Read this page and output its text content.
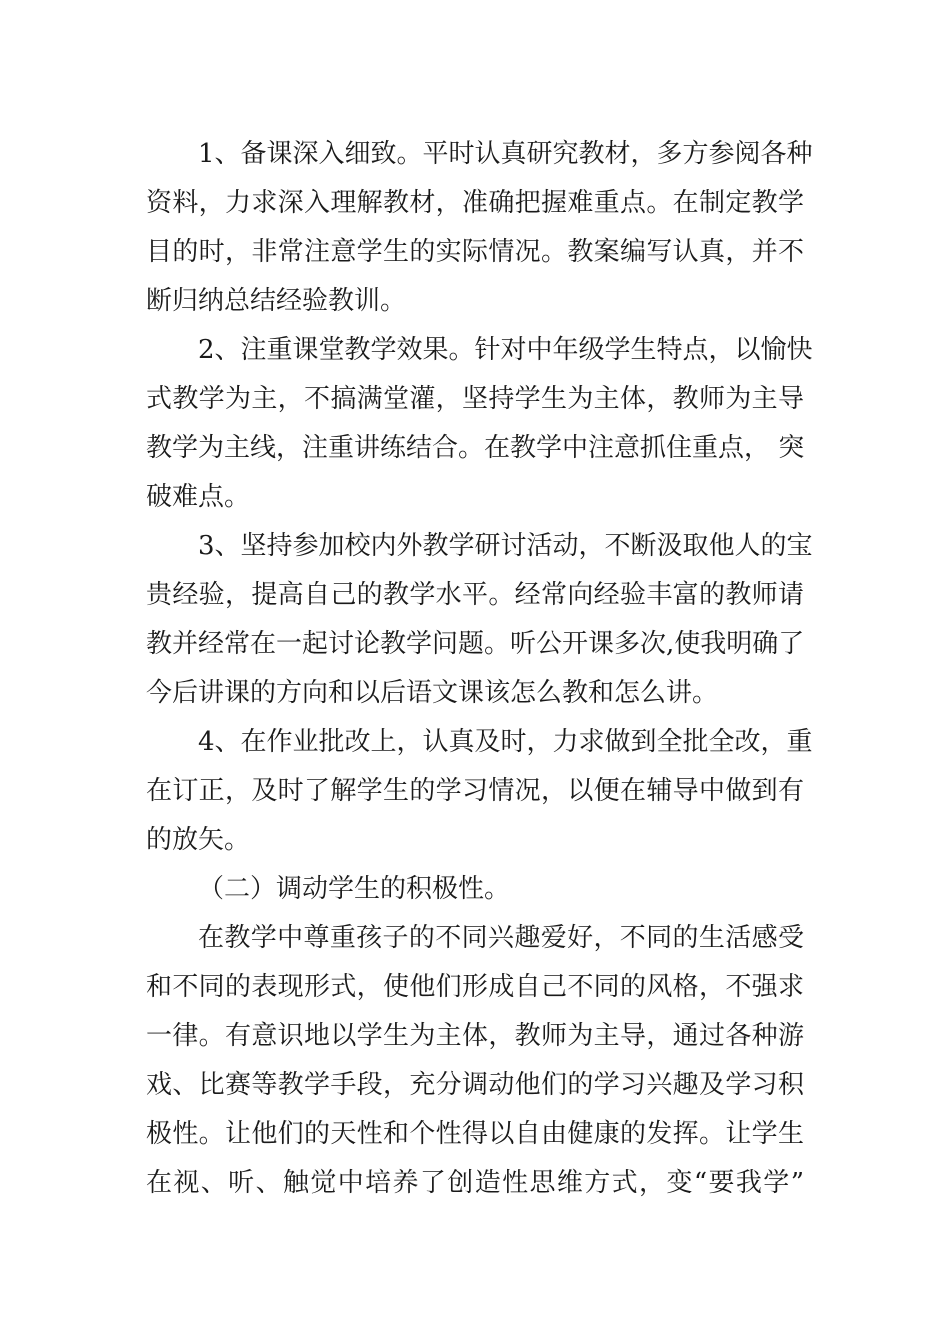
1、备课深入细致。平时认真研究教材，多方参阅各种
资料，力求深入理解教材，准确把握难重点。在制定教学
目的时，非常注意学生的实际情况。教案编写认真，并不
断归纳总结经验教训。
2、注重课堂教学效果。针对中年级学生特点，以愉快
式教学为主，不搞满堂灌，坚持学生为主体，教师为主导
教学为主线，注重讲练结合。在教学中注意抓住重点， 突
破难点。
3、坚持参加校内外教学研讨活动，不断汲取他人的宝
贵经验，提高自己的教学水平。经常向经验丰富的教师请
教并经常在一起讨论教学问题。听公开课多次,使我明确了
今后讲课的方向和以后语文课该怎么教和怎么讲。
4、在作业批改上，认真及时，力求做到全批全改，重
在订正，及时了解学生的学习情况，以便在辅导中做到有
的放矢。
（二）调动学生的积极性。
在教学中尊重孩子的不同兴趣爱好，不同的生活感受
和不同的表现形式，使他们形成自己不同的风格，不强求
一律。有意识地以学生为主体，教师为主导，通过各种游
戏、比赛等教学手段，充分调动他们的学习兴趣及学习积
极性。让他们的天性和个性得以自由健康的发挥。让学生
在视、听、触觉中培养了创造性思维方式，变“要我学”
